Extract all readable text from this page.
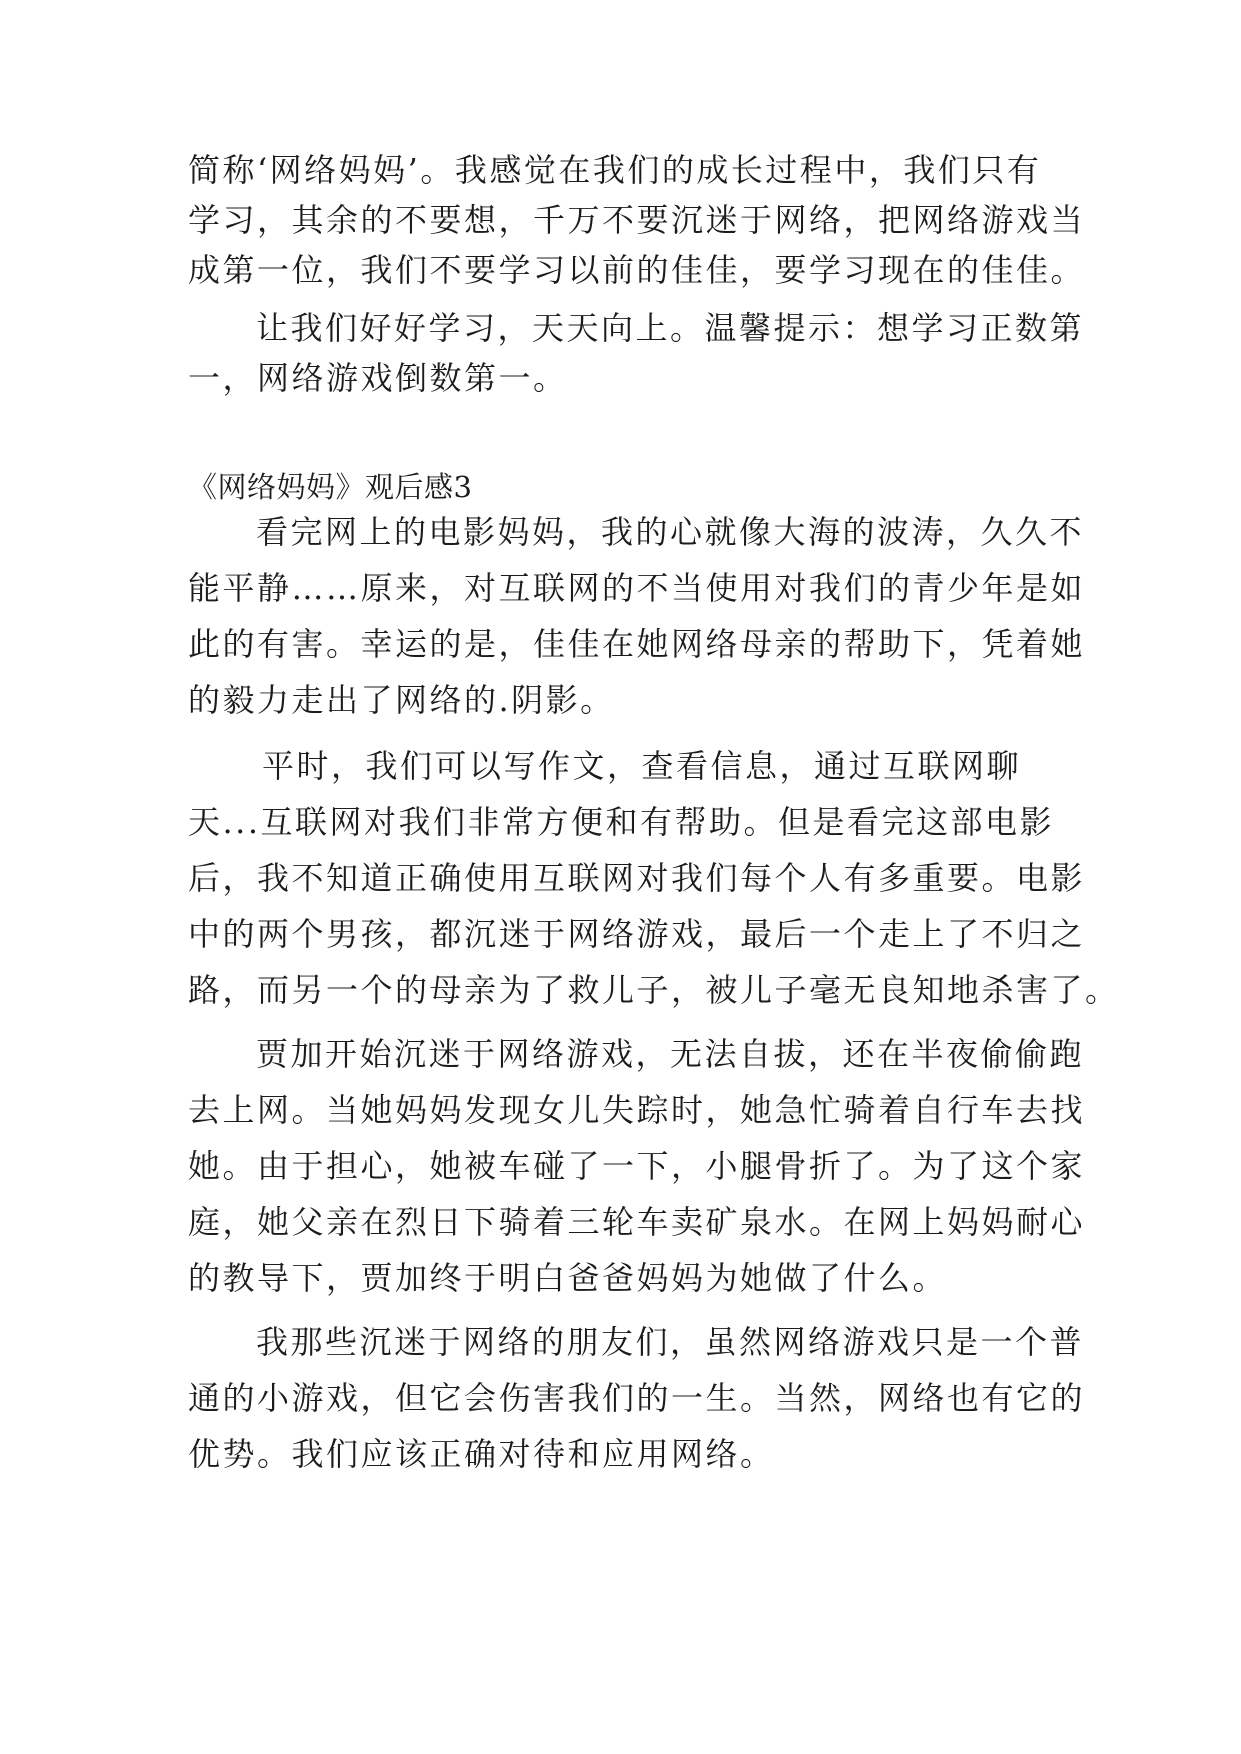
简称‘网络妈妈’。我感觉在我们的成长过程中，我们只有
学习，其余的不要想，千万不要沉迷于网络，把网络游戏当
成第一位，我们不要学习以前的佳佳，要学习现在的佳佳。
让我们好好学习，天天向上。温馨提示：想学习正数第
一，网络游戏倒数第一。
《网络妈妈》观后感3
看完网上的电影妈妈，我的心就像大海的波涛，久久不
能平静……原来，对互联网的不当使用对我们的青少年是如
此的有害。幸运的是，佳佳在她网络母亲的帮助下，凭着她
的毅力走出了网络的.阴影。
平时，我们可以写作文，查看信息，通过互联网聊
天...互联网对我们非常方便和有帮助。但是看完这部电影
后，我不知道正确使用互联网对我们每个人有多重要。电影
中的两个男孩，都沉迷于网络游戏，最后一个走上了不归之
路，而另一个的母亲为了救儿子，被儿子毫无良知地杀害了。
贾加开始沉迷于网络游戏，无法自拔，还在半夜偷偷跑
去上网。当她妈妈发现女儿失踪时，她急忙骑着自行车去找
她。由于担心，她被车碰了一下，小腿骨折了。为了这个家
庭，她父亲在烈日下骑着三轮车卖矿泉水。在网上妈妈耐心
的教导下，贾加终于明白爸爸妈妈为她做了什么。
我那些沉迷于网络的朋友们，虽然网络游戏只是一个普
通的小游戏，但它会伤害我们的一生。当然，网络也有它的
优势。我们应该正确对待和应用网络。
